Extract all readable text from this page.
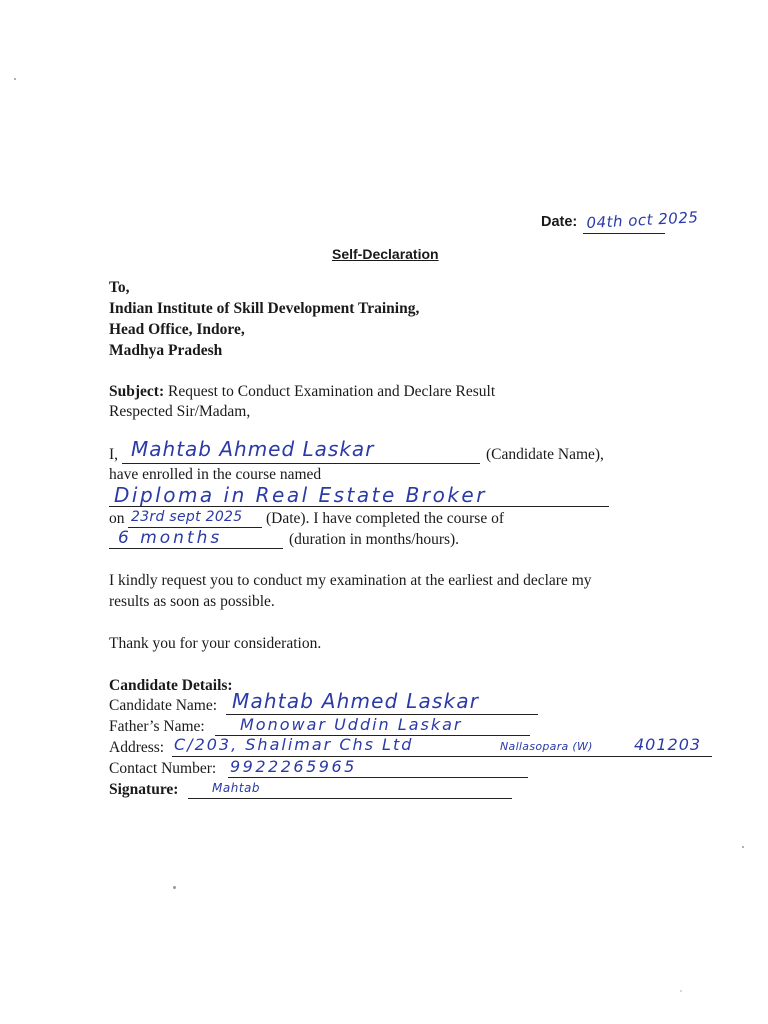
Date: 04th oct 2025
Self-Declaration
To,
Indian Institute of Skill Development Training,
Head Office, Indore,
Madhya Pradesh
Subject: Request to Conduct Examination and Declare Result
Respected Sir/Madam,
I, Mahtab Ahmed Laskar	(Candidate Name),
have enrolled in the course named
Diploma in Real Estate Broker
on 23rd sept 2025 (Date). I have completed the course of
6 months	(duration in months/hours).
I kindly request you to conduct my examination at the earliest and declare my
results as soon as possible.
Thank you for your consideration.
Candidate Details:
Candidate Name: Mahtab Ahmed Laskar
Father’s Name: Monowar Uddin Laskar
Address: C/203, Shalimar Chs Ltd	Nallasopara (W)	401203
Contact Number: 9922265965
Signature:	Mahtab
